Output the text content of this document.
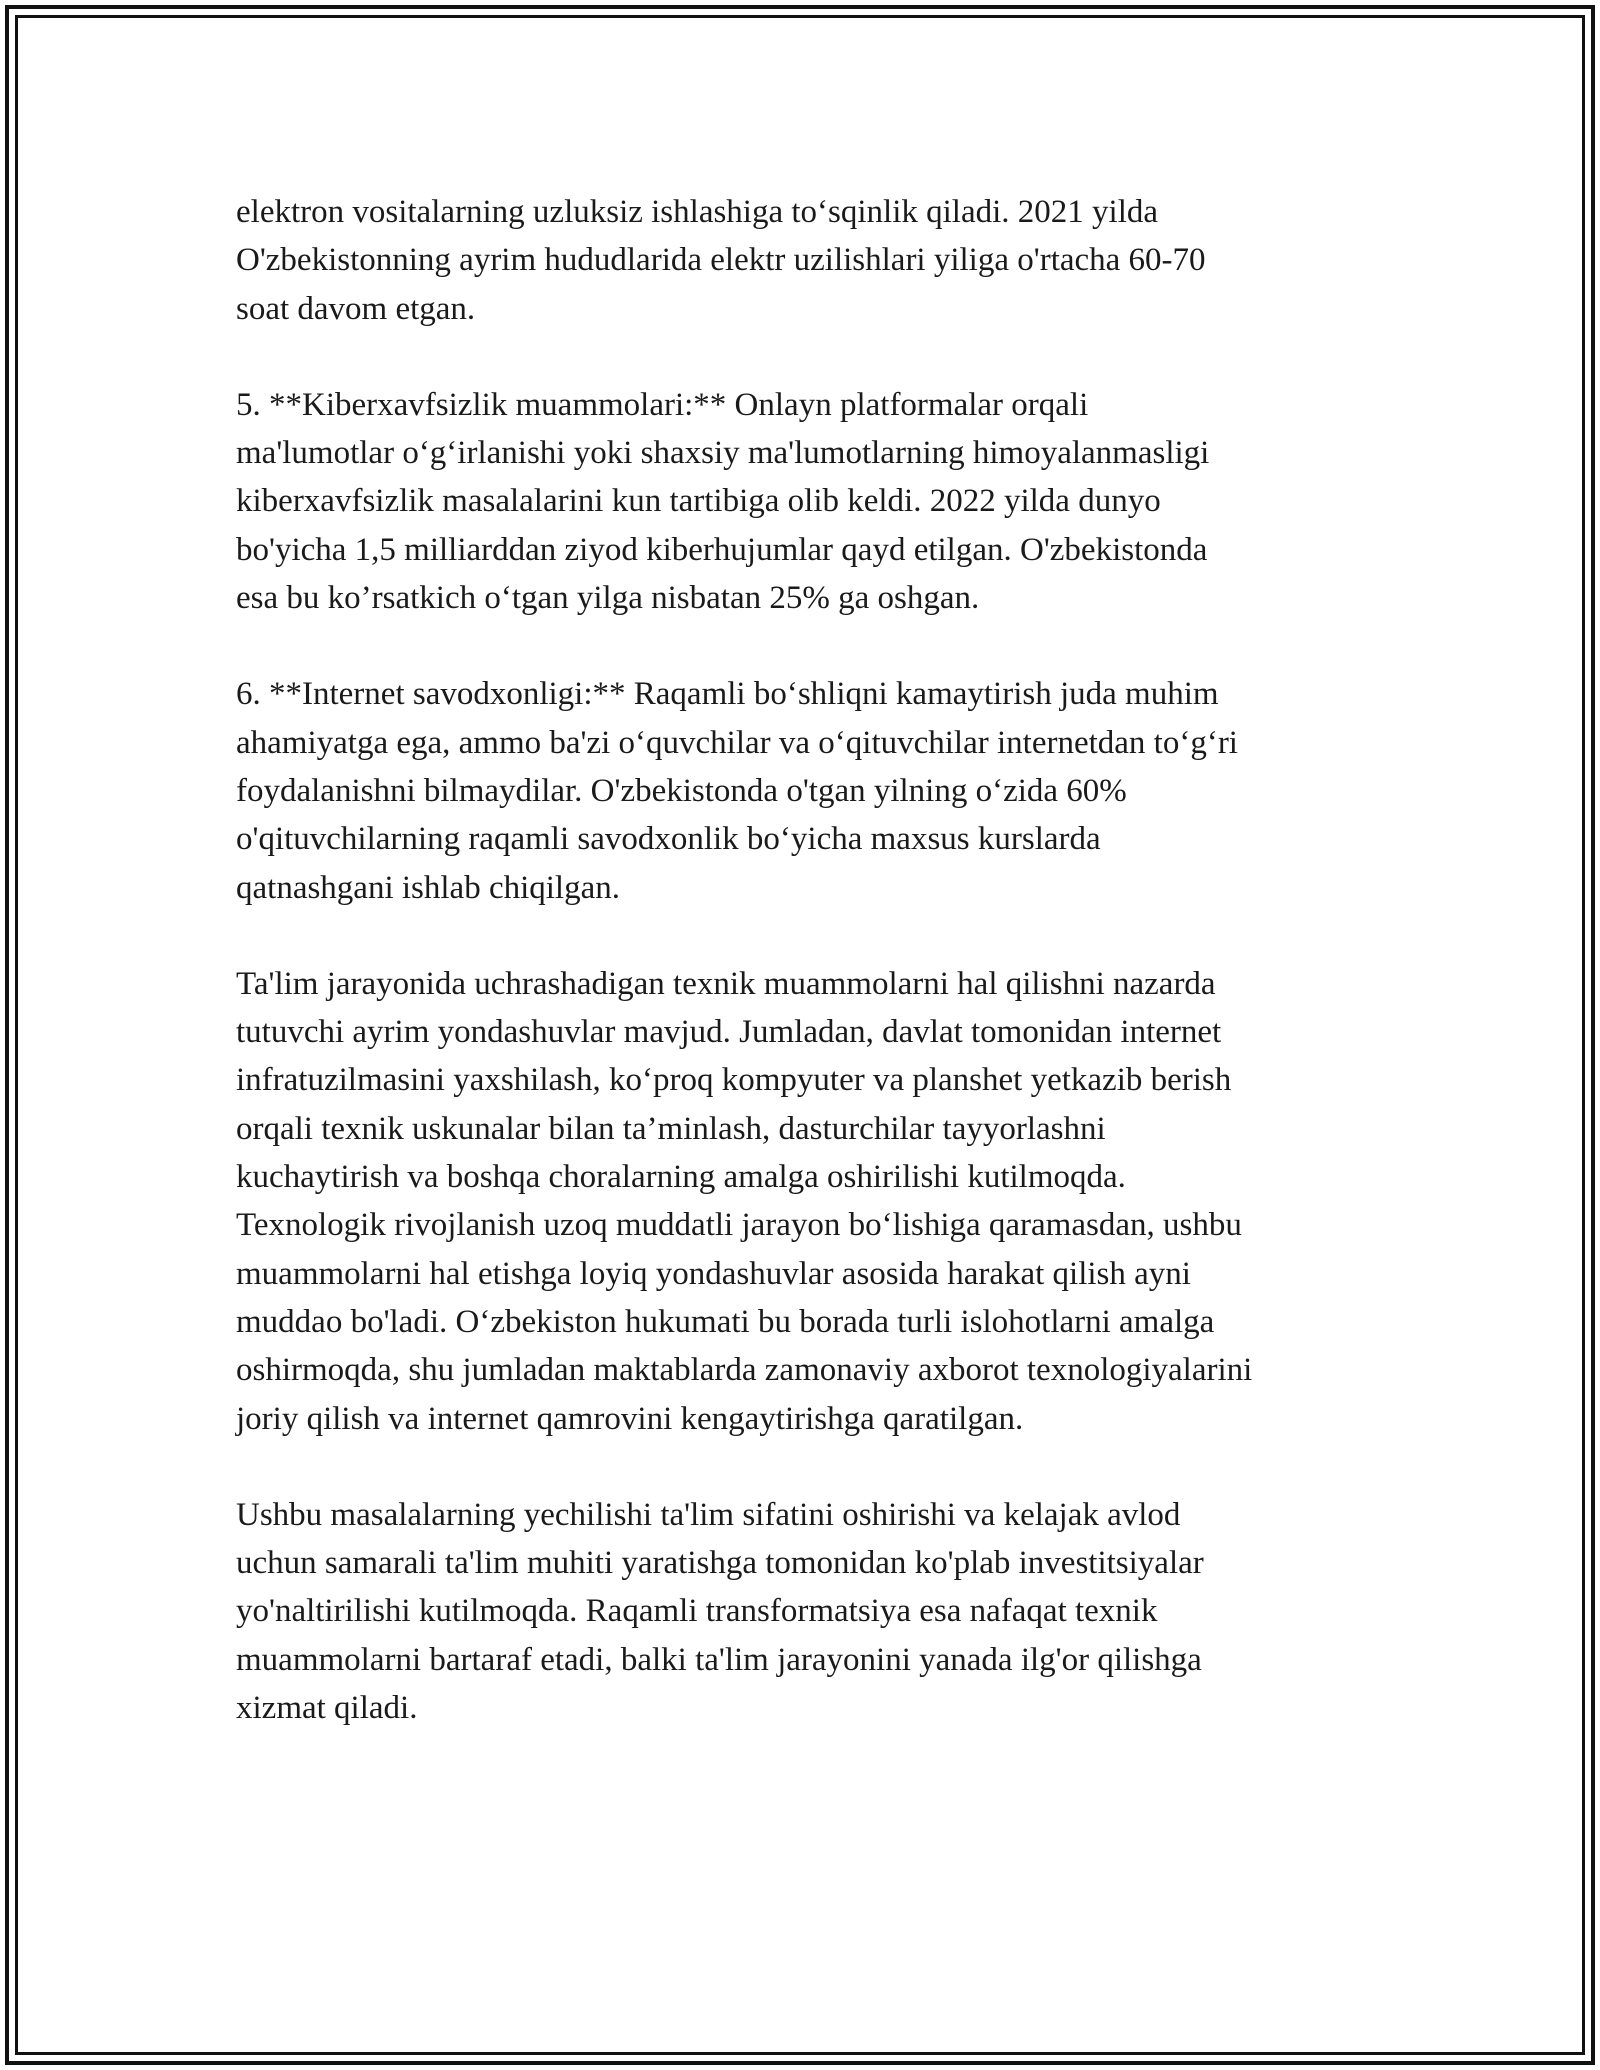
elektron vositalarning uzluksiz ishlashiga to‘sqinlik qiladi. 2021 yilda
O'zbekistonning ayrim hududlarida elektr uzilishlari yiliga o'rtacha 60-70
soat davom etgan.

5. **Kiberxavfsizlik muammolari:** Onlayn platformalar orqali
ma'lumotlar o‘g‘irlanishi yoki shaxsiy ma'lumotlarning himoyalanmasligi
kiberxavfsizlik masalalarini kun tartibiga olib keldi. 2022 yilda dunyo
bo'yicha 1,5 milliarddan ziyod kiberhujumlar qayd etilgan. O'zbekistonda
esa bu ko’rsatkich o‘tgan yilga nisbatan 25% ga oshgan.

6. **Internet savodxonligi:** Raqamli bo‘shliqni kamaytirish juda muhim
ahamiyatga ega, ammo ba'zi o‘quvchilar va o‘qituvchilar internetdan to‘g‘ri
foydalanishni bilmaydilar. O'zbekistonda o'tgan yilning o‘zida 60%
o'qituvchilarning raqamli savodxonlik bo‘yicha maxsus kurslarda
qatnashgani ishlab chiqilgan.

Ta'lim jarayonida uchrashadigan texnik muammolarni hal qilishni nazarda
tutuvchi ayrim yondashuvlar mavjud. Jumladan, davlat tomonidan internet
infratuzilmasini yaxshilash, ko‘proq kompyuter va planshet yetkazib berish
orqali texnik uskunalar bilan ta’minlash, dasturchilar tayyorlashni
kuchaytirish va boshqa choralarning amalga oshirilishi kutilmoqda.
Texnologik rivojlanish uzoq muddatli jarayon bo‘lishiga qaramasdan, ushbu
muammolarni hal etishga loyiq yondashuvlar asosida harakat qilish ayni
muddao bo'ladi. O‘zbekiston hukumati bu borada turli islohotlarni amalga
oshirmoqda, shu jumladan maktablarda zamonaviy axborot texnologiyalarini
joriy qilish va internet qamrovini kengaytirishga qaratilgan.

Ushbu masalalarning yechilishi ta'lim sifatini oshirishi va kelajak avlod
uchun samarali ta'lim muhiti yaratishga tomonidan ko'plab investitsiyalar
yo'naltirilishi kutilmoqda. Raqamli transformatsiya esa nafaqat texnik
muammolarni bartaraf etadi, balki ta'lim jarayonini yanada ilg'or qilishga
xizmat qiladi.
